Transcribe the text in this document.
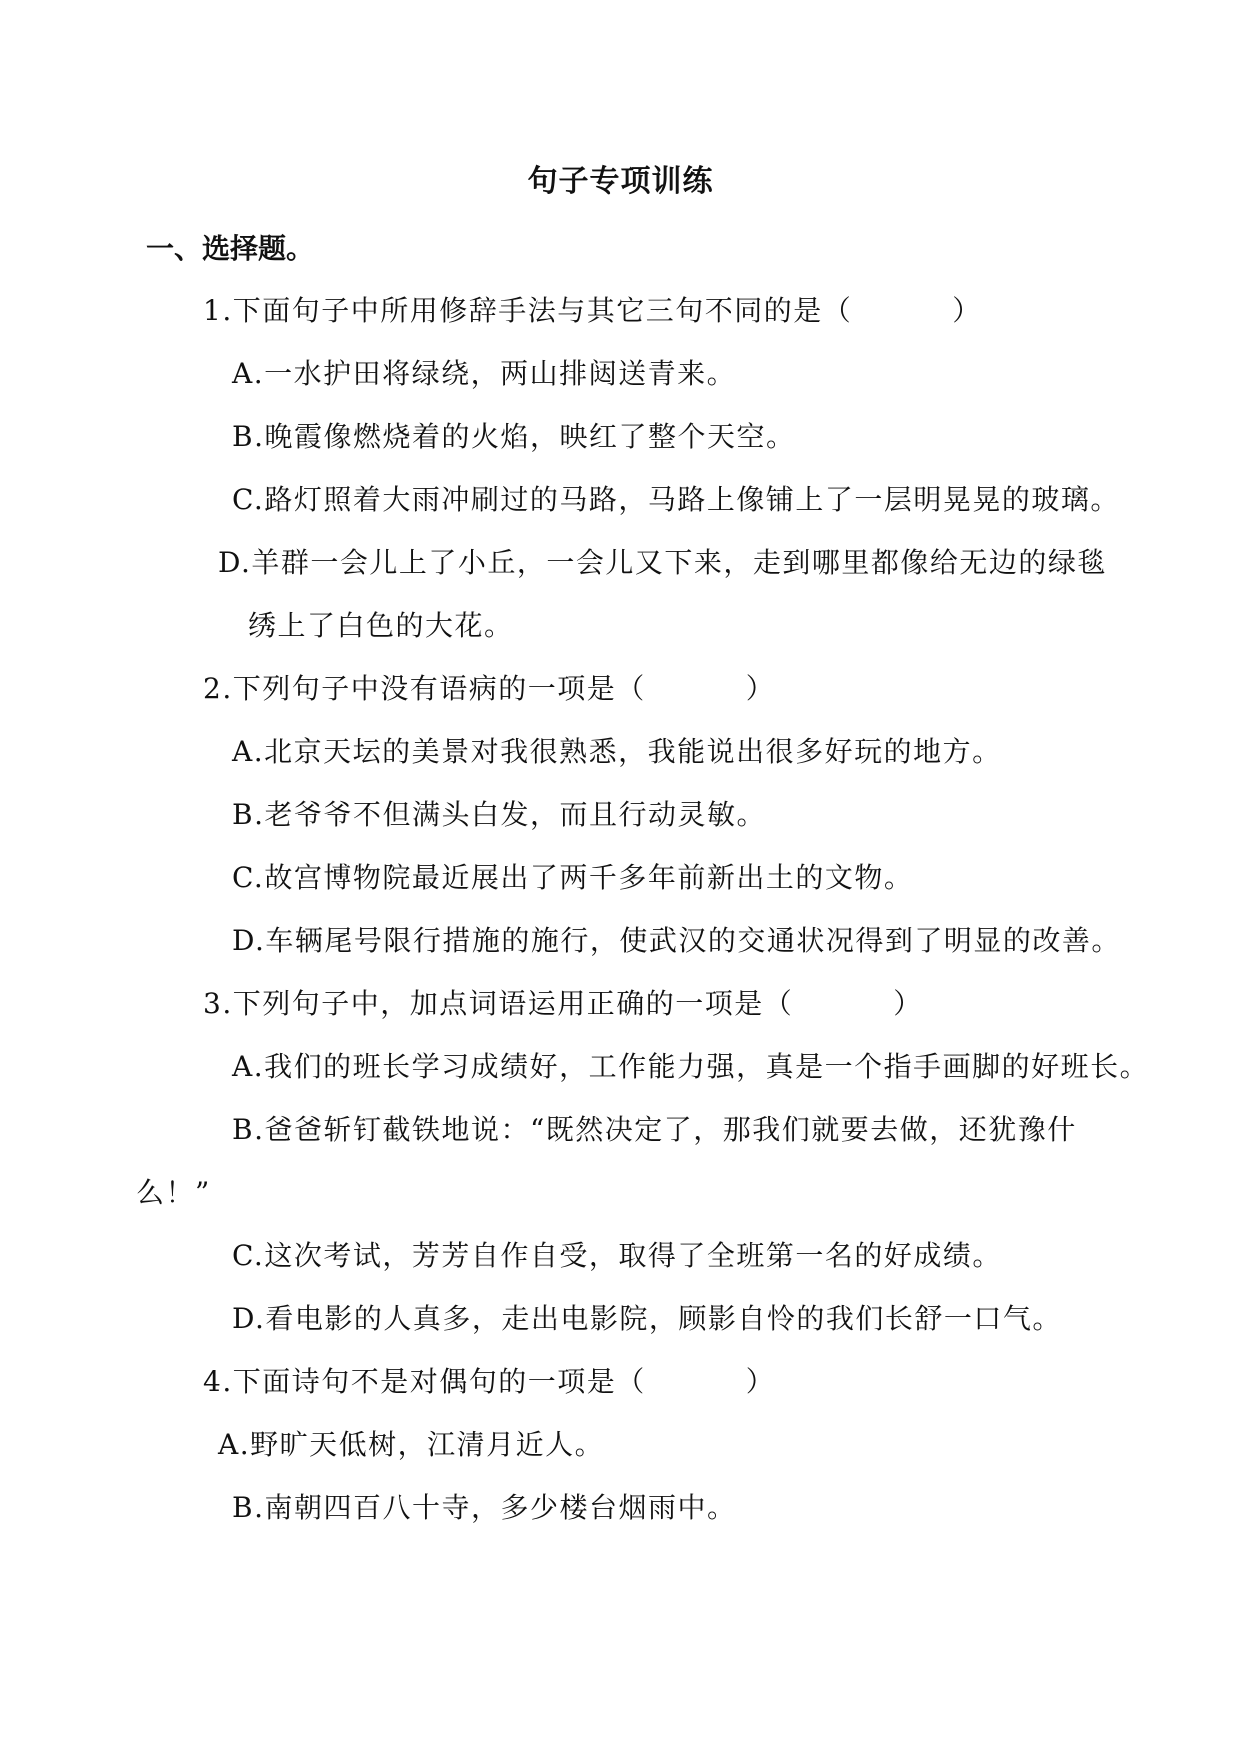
句子专项训练
一、选择题。
1.下面句子中所用修辞手法与其它三句不同的是（	）
A.一水护田将绿绕，两山排闼送青来。
B.晚霞像燃烧着的火焰，映红了整个天空。
C.路灯照着大雨冲刷过的马路，马路上像铺上了一层明晃晃的玻璃。
D.羊群一会儿上了小丘，一会儿又下来，走到哪里都像给无边的绿毯
绣上了白色的大花。
2.下列句子中没有语病的一项是（	）
A.北京天坛的美景对我很熟悉，我能说出很多好玩的地方。
B.老爷爷不但满头白发，而且行动灵敏。
C.故宫博物院最近展出了两千多年前新出土的文物。
D.车辆尾号限行措施的施行，使武汉的交通状况得到了明显的改善。
3.下列句子中，加点词语运用正确的一项是（	）
A.我们的班长学习成绩好，工作能力强，真是一个指手画脚的好班长。
B.爸爸斩钉截铁地说：“既然决定了，那我们就要去做，还犹豫什
么！”
C.这次考试，芳芳自作自受，取得了全班第一名的好成绩。
D.看电影的人真多，走出电影院，顾影自怜的我们长舒一口气。
4.下面诗句不是对偶句的一项是（	）
A.野旷天低树，江清月近人。
B.南朝四百八十寺，多少楼台烟雨中。
